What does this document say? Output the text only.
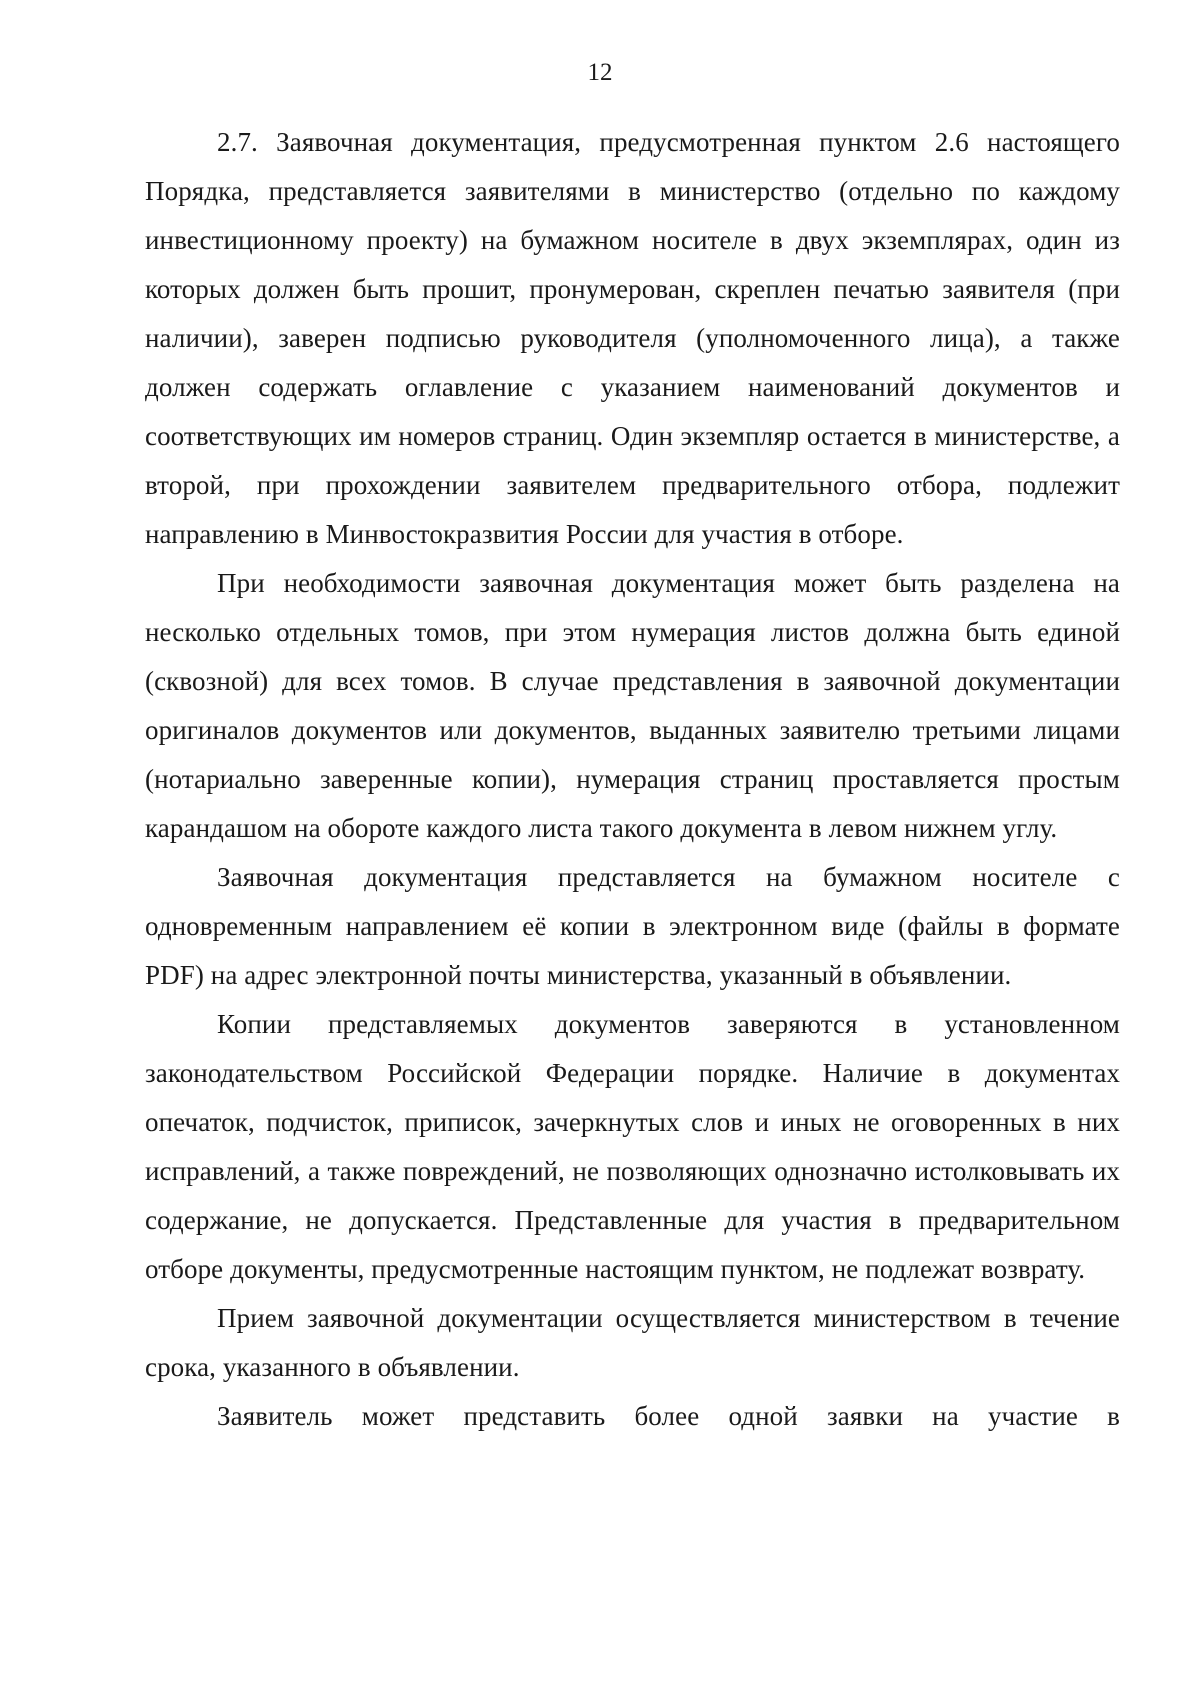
12

2.7. Заявочная документация, предусмотренная пунктом 2.6 настоящего Порядка, представляется заявителями в министерство (отдельно по каждому инвестиционному проекту) на бумажном носителе в двух экземплярах, один из которых должен быть прошит, пронумерован, скреплен печатью заявителя (при наличии), заверен подписью руководителя (уполномоченного лица), а также должен содержать оглавление с указанием наименований документов и соответствующих им номеров страниц. Один экземпляр остается в министерстве, а второй, при прохождении заявителем предварительного отбора, подлежит направлению в Минвостокразвития России для участия в отборе.

При необходимости заявочная документация может быть разделена на несколько отдельных томов, при этом нумерация листов должна быть единой (сквозной) для всех томов. В случае представления в заявочной документации оригиналов документов или документов, выданных заявителю третьими лицами (нотариально заверенные копии), нумерация страниц проставляется простым карандашом на обороте каждого листа такого документа в левом нижнем углу.

Заявочная документация представляется на бумажном носителе с одновременным направлением её копии в электронном виде (файлы в формате PDF) на адрес электронной почты министерства, указанный в объявлении.

Копии представляемых документов заверяются в установленном законодательством Российской Федерации порядке. Наличие в документах опечаток, подчисток, приписок, зачеркнутых слов и иных не оговоренных в них исправлений, а также повреждений, не позволяющих однозначно истолковывать их содержание, не допускается. Представленные для участия в предварительном отборе документы, предусмотренные настоящим пунктом, не подлежат возврату.

Прием заявочной документации осуществляется министерством в течение срока, указанного в объявлении.

Заявитель может представить более одной заявки на участие в
